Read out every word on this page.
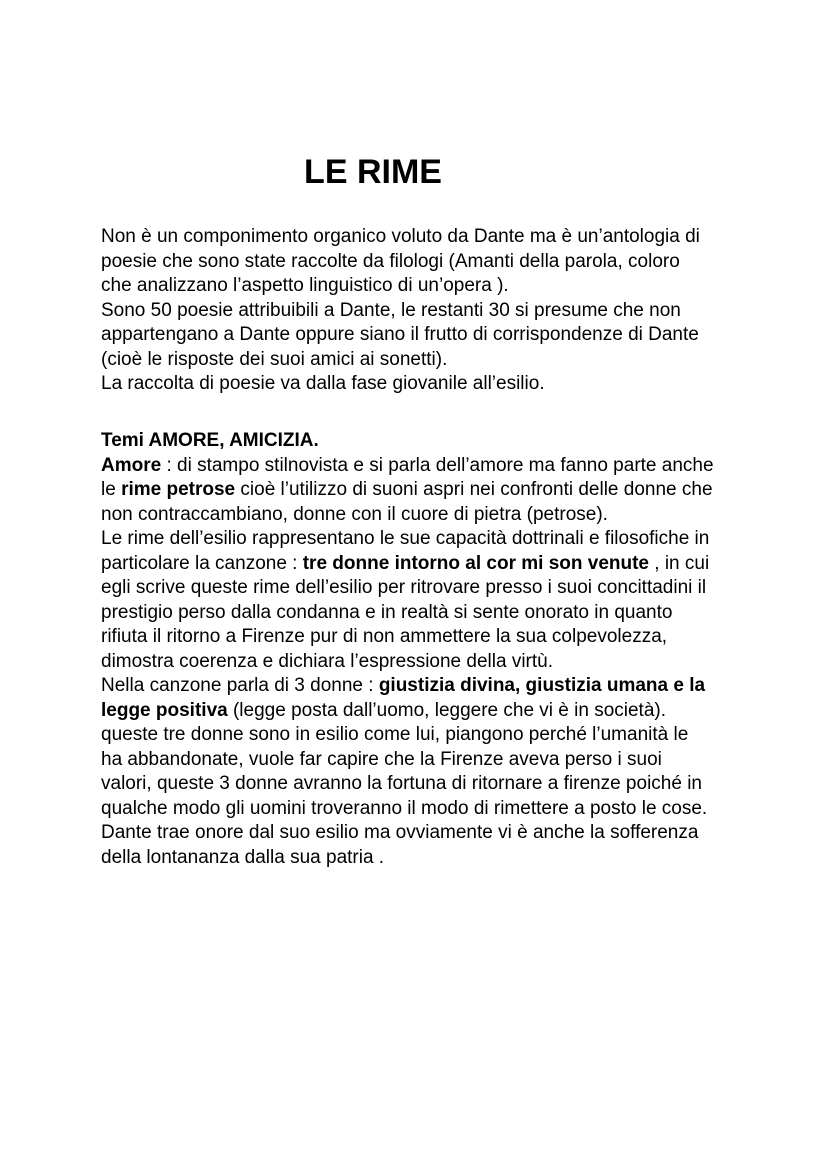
LE RIME
Non è un componimento organico voluto da Dante ma è un’antologia di
poesie che sono state raccolte da filologi (Amanti della parola, coloro
che analizzano l’aspetto linguistico di un’opera ).
Sono 50 poesie attribuibili a Dante, le restanti 30 si presume che non
appartengano a Dante oppure siano il frutto di corrispondenze di Dante
(cioè le risposte dei suoi amici ai sonetti).
La raccolta di poesie va dalla fase giovanile all’esilio.
Temi AMORE, AMICIZIA.
Amore : di stampo stilnovista e si parla dell’amore ma fanno parte anche
le rime petrose cioè l’utilizzo di suoni aspri nei confronti delle donne che
non contraccambiano, donne con il cuore di pietra (petrose).
Le rime dell’esilio rappresentano le sue capacità dottrinali e filosofiche in
particolare la canzone : tre donne intorno al cor mi son venute , in cui
egli scrive queste rime dell’esilio per ritrovare presso i suoi concittadini il
prestigio perso dalla condanna e in realtà si sente onorato in quanto
rifiuta il ritorno a Firenze pur di non ammettere la sua colpevolezza,
dimostra coerenza e dichiara l’espressione della virtù.
Nella canzone parla di 3 donne : giustizia divina, giustizia umana e la
legge positiva (legge posta dall’uomo, leggere che vi è in società).
queste tre donne sono in esilio come lui, piangono perché l’umanità le
ha abbandonate, vuole far capire che la Firenze aveva perso i suoi
valori, queste 3 donne avranno la fortuna di ritornare a firenze poiché in
qualche modo gli uomini troveranno il modo di rimettere a posto le cose.
Dante trae onore dal suo esilio ma ovviamente vi è anche la sofferenza
della lontananza dalla sua patria .
